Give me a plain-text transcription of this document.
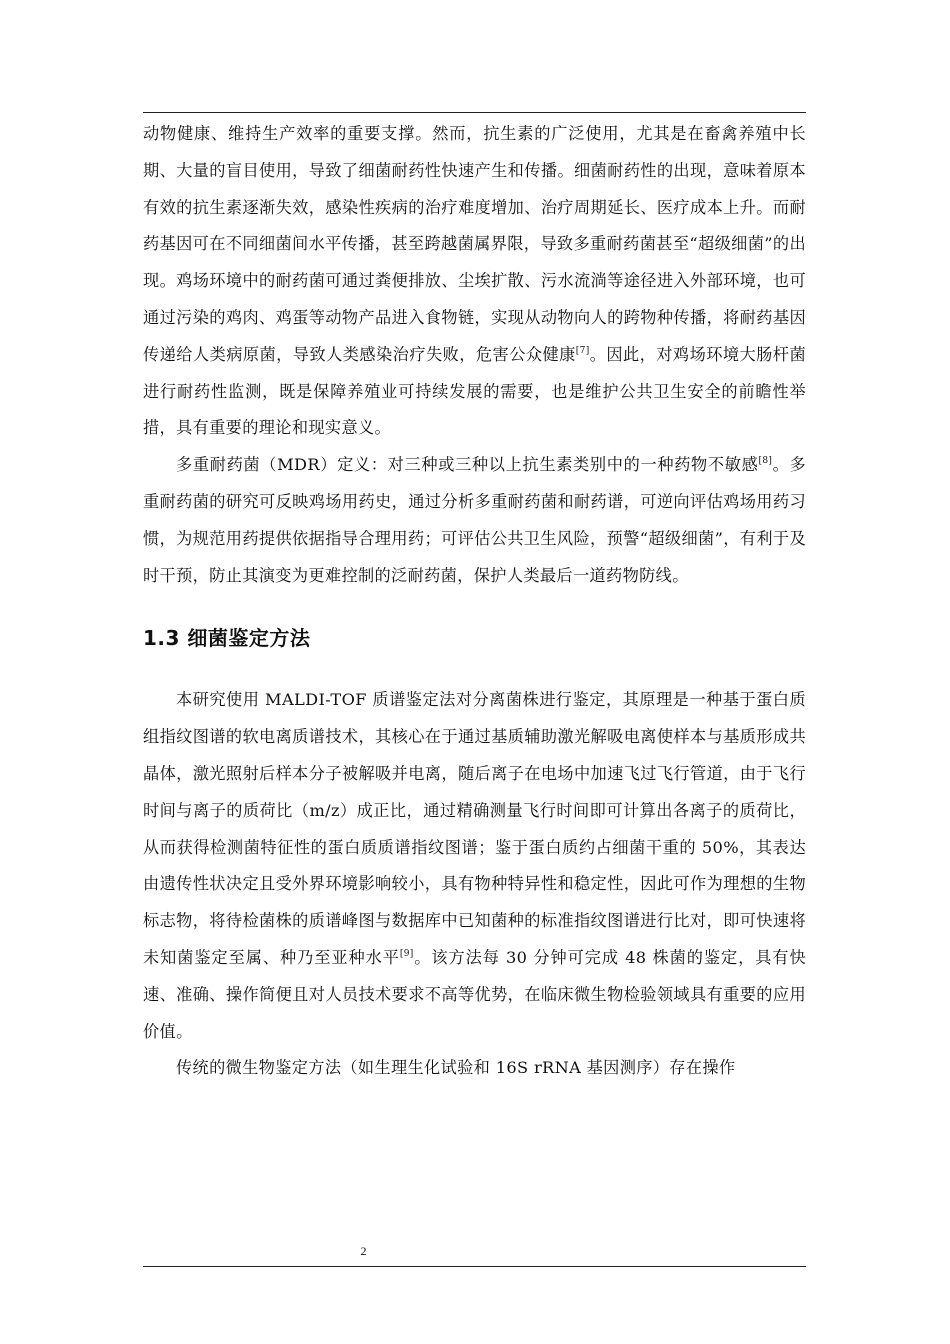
动物健康、维持生产效率的重要支撑。然而，抗生素的广泛使用，尤其是在畜禽养殖中长期、大量的盲目使用，导致了细菌耐药性快速产生和传播。细菌耐药性的出现，意味着原本有效的抗生素逐渐失效，感染性疾病的治疗难度增加、治疗周期延长、医疗成本上升。而耐药基因可在不同细菌间水平传播，甚至跨越菌属界限，导致多重耐药菌甚至“超级细菌”的出现。鸡场环境中的耐药菌可通过粪便排放、尘埃扩散、污水流淌等途径进入外部环境，也可通过污染的鸡肉、鸡蛋等动物产品进入食物链，实现从动物向人的跨物种传播，将耐药基因传递给人类病原菌，导致人类感染治疗失败，危害公众健康[7]。因此，对鸡场环境大肠杆菌进行耐药性监测，既是保障养殖业可持续发展的需要，也是维护公共卫生安全的前瞻性举措，具有重要的理论和现实意义。

多重耐药菌（MDR）定义：对三种或三种以上抗生素类别中的一种药物不敏感[8]。多重耐药菌的研究可反映鸡场用药史，通过分析多重耐药菌和耐药谱，可逆向评估鸡场用药习惯，为规范用药提供依据指导合理用药；可评估公共卫生风险，预警“超级细菌”，有利于及时干预，防止其演变为更难控制的泛耐药菌，保护人类最后一道药物防线。

1.3 细菌鉴定方法

本研究使用 MALDI-TOF 质谱鉴定法对分离菌株进行鉴定，其原理是一种基于蛋白质组指纹图谱的软电离质谱技术，其核心在于通过基质辅助激光解吸电离使样本与基质形成共晶体，激光照射后样本分子被解吸并电离，随后离子在电场中加速飞过飞行管道，由于飞行时间与离子的质荷比（m/z）成正比，通过精确测量飞行时间即可计算出各离子的质荷比，从而获得检测菌特征性的蛋白质质谱指纹图谱；鉴于蛋白质约占细菌干重的 50%，其表达由遗传性状决定且受外界环境影响较小，具有物种特异性和稳定性，因此可作为理想的生物标志物，将待检菌株的质谱峰图与数据库中已知菌种的标准指纹图谱进行比对，即可快速将未知菌鉴定至属、种乃至亚种水平[9]。该方法每 30 分钟可完成 48 株菌的鉴定，具有快速、准确、操作简便且对人员技术要求不高等优势，在临床微生物检验领域具有重要的应用价值。

传统的微生物鉴定方法（如生理生化试验和 16S rRNA 基因测序）存在操作

2
